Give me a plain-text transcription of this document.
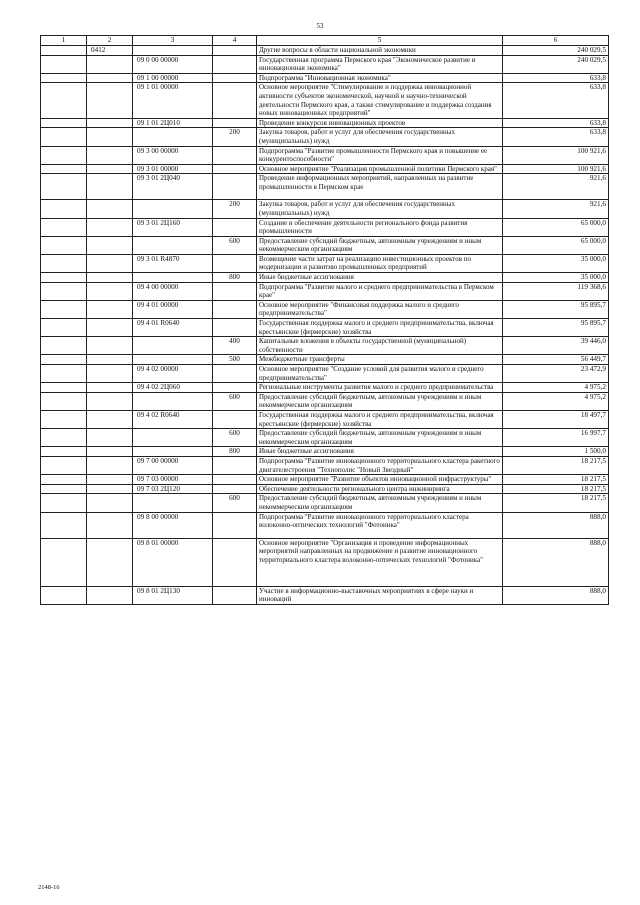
53
1	2	3	4	5	6
	0412			Другие вопросы в области национальной экономики	240 029,5
		09 0 00 00000		Государственная программа Пермского края "Экономическое развитие и инновационная экономика"	240 029,5
		09 1 00 00000		Подпрограмма "Инновационная экономика"	633,8
		09 1 01 00000		Основное мероприятие "Стимулирование и поддержка инновационной активности субъектов экономической, научной и научно-технической деятельности Пермского края, а также стимулирование и поддержка создания новых инновационных предприятий"	633,8
		09 1 01 2Ц010		Проведение конкурсов инновационных проектов	633,8
			200	Закупка товаров, работ и услуг для обеспечения государственных (муниципальных) нужд	633,8
		09 3 00 00000		Подпрограмма "Развитие промышленности Пермского края и повышение ее конкурентоспособности"	100 921,6
		09 3 01 00000		Основное мероприятие "Реализация промышленной политики Пермского края"	100 921,6
		09 3 01 2Ц040		Проведение информационных мероприятий, направленных на развитие промышленности в Пермском крае	921,6
			200	Закупка товаров, работ и услуг для обеспечения государственных (муниципальных) нужд	921,6
		09 3 01 2Ц160		Создание и обеспечение деятельности регионального фонда развития промышленности	65 000,0
			600	Предоставление субсидий бюджетным, автономным учреждениям и иным некоммерческим организациям	65 000,0
		09 3 01 R4870		Возмещение части затрат на реализацию инвестиционных проектов по модернизации и развитию промышленных предприятий	35 000,0
			800	Иные бюджетные ассигнования	35 000,0
		09 4 00 00000		Подпрограмма "Развитие малого и среднего предпринимательства в Пермском крае"	119 368,6
		09 4 01 00000		Основное мероприятие "Финансовая поддержка малого и среднего предпринимательства"	95 895,7
		09 4 01 R0640		Государственная поддержка малого и среднего предпринимательства, включая крестьянские (фермерские) хозяйства	95 895,7
			400	Капитальные вложения в объекты государственной (муниципальной) собственности	39 446,0
			500	Межбюджетные трансферты	56 449,7
		09 4 02 00000		Основное мероприятие "Создание условий для развития малого и среднего предпринимательства"	23 472,9
		09 4 02 2Ц060		Региональные инструменты развития малого и среднего предпринимательства	4 975,2
			600	Предоставление субсидий бюджетным, автономным учреждениям и иным некоммерческим организациям	4 975,2
		09 4 02 R0640		Государственная поддержка малого и среднего предпринимательства, включая крестьянские (фермерские) хозяйства	18 497,7
			600	Предоставление субсидий бюджетным, автономным учреждениям и иным некоммерческим организациям	16 997,7
			800	Иные бюджетные ассигнования	1 500,0
		09 7 00 00000		Подпрограмма "Развитие инновационного территориального кластера ракетного двигателестроения "Технополис "Новый Звездный"	18 217,5
		09 7 03 00000		Основное мероприятие "Развитие объектов инновационной инфраструктуры"	18 217,5
		09 7 03 2Ц120		Обеспечение деятельности регионального центра инжиниринга	18 217,5
			600	Предоставление субсидий бюджетным, автономным учреждениям и иным некоммерческим организациям	18 217,5
		09 8 00 00000		Подпрограмма "Развитие инновационного территориального кластера волоконно-оптических технологий "Фотоника"	888,0
		09 8 01 00000		Основное мероприятие "Организация и проведение информационных мероприятий направленных на продвижение и развитие инновационного территориального кластера волоконно-оптических технологий "Фотоника"	888,0
		09 8 01 2Ц130		Участие в информационно-выставочных мероприятиях в сфере науки и инноваций	888,0
2148-16
